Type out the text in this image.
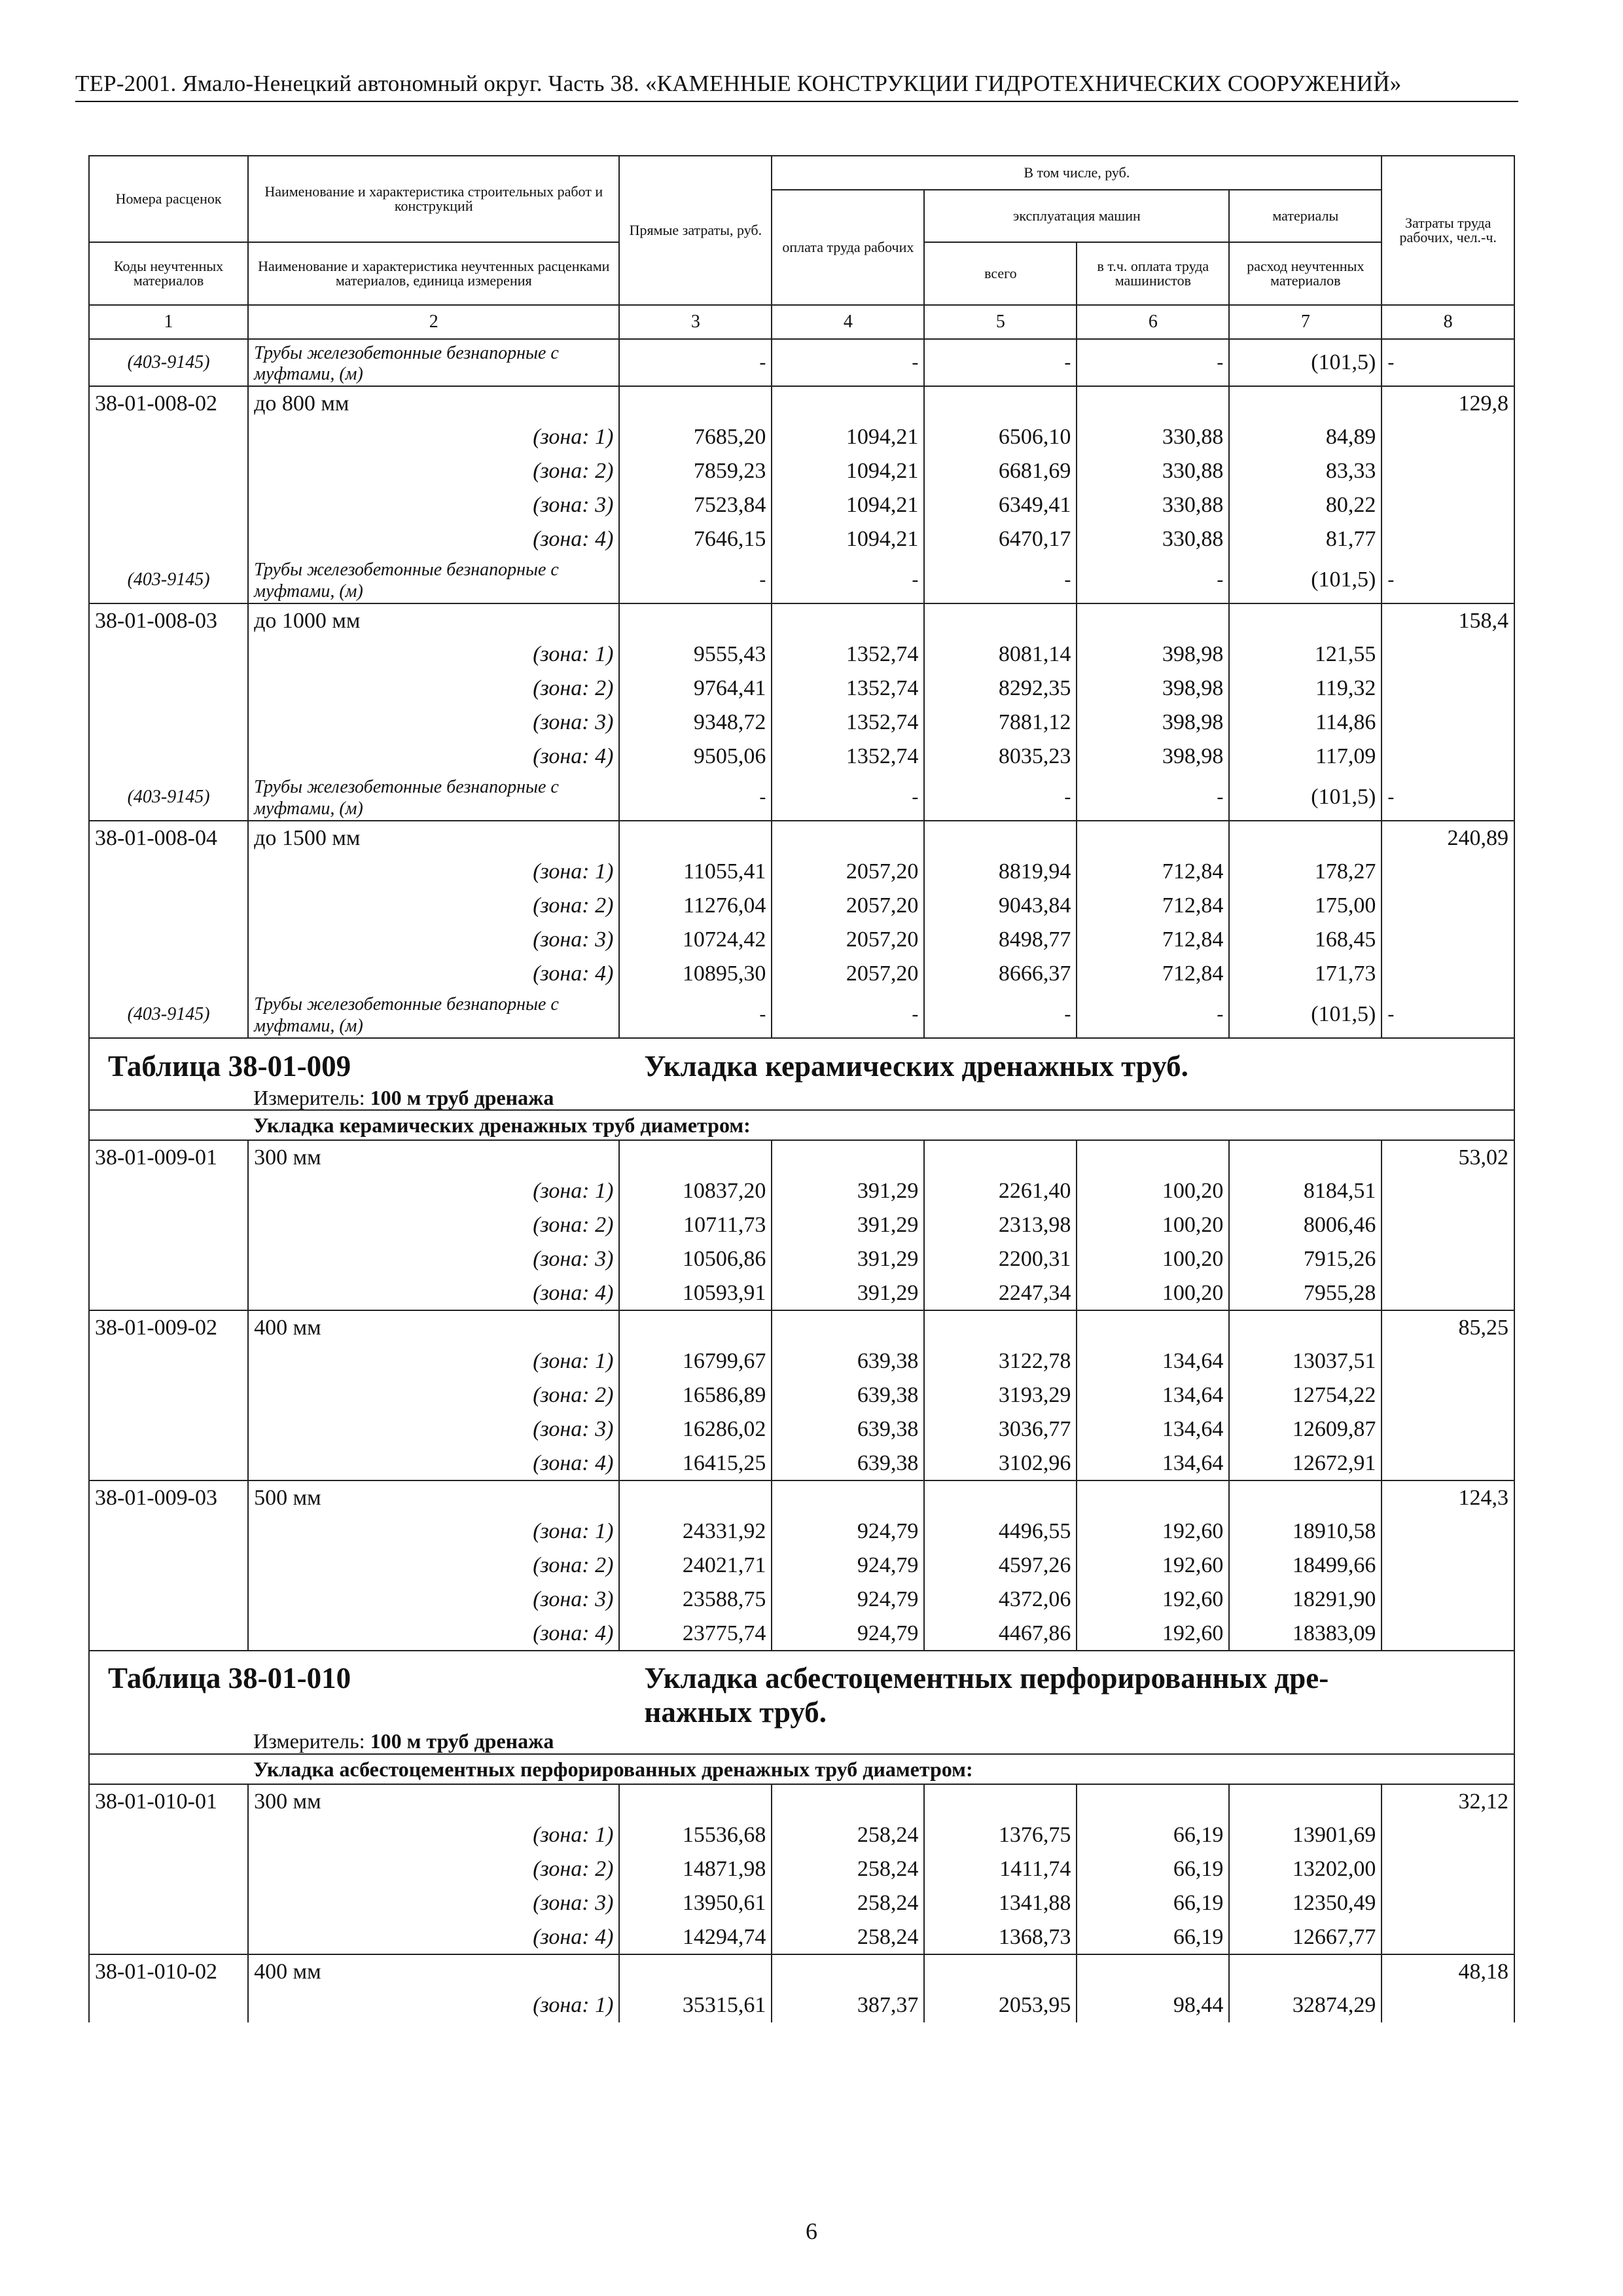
ТЕР-2001. Ямало-Ненецкий автономный округ. Часть 38. «КАМЕННЫЕ КОНСТРУКЦИИ ГИДРОТЕХНИЧЕСКИХ СООРУЖЕНИЙ»
Номера расценок	Наименование и характеристика строительных работ и конструкций	Прямые затраты, руб.	В том числе, руб.				Затраты труда рабочих, чел.-ч.
			оплата труда рабочих	эксплуатация машин		материалы	
Коды неучтенных материалов	Наименование и характеристика неучтенных расценками материалов, единица измерения			всего	в т.ч. оплата труда машинистов	расход неучтенных материалов	
1	2	3	4	5	6	7	8
(403-9145)	Трубы железобетонные безнапорные с муфтами, (м)	-	-	-	-	(101,5)	-
38-01-008-02	до 800 мм						129,8
	(зона: 1)	7685,20	1094,21	6506,10	330,88	84,89	
	(зона: 2)	7859,23	1094,21	6681,69	330,88	83,33	
	(зона: 3)	7523,84	1094,21	6349,41	330,88	80,22	
	(зона: 4)	7646,15	1094,21	6470,17	330,88	81,77	
(403-9145)	Трубы железобетонные безнапорные с муфтами, (м)	-	-	-	-	(101,5)	-
38-01-008-03	до 1000 мм						158,4
	(зона: 1)	9555,43	1352,74	8081,14	398,98	121,55	
	(зона: 2)	9764,41	1352,74	8292,35	398,98	119,32	
	(зона: 3)	9348,72	1352,74	7881,12	398,98	114,86	
	(зона: 4)	9505,06	1352,74	8035,23	398,98	117,09	
(403-9145)	Трубы железобетонные безнапорные с муфтами, (м)	-	-	-	-	(101,5)	-
38-01-008-04	до 1500 мм						240,89
	(зона: 1)	11055,41	2057,20	8819,94	712,84	178,27	
	(зона: 2)	11276,04	2057,20	9043,84	712,84	175,00	
	(зона: 3)	10724,42	2057,20	8498,77	712,84	168,45	
	(зона: 4)	10895,30	2057,20	8666,37	712,84	171,73	
(403-9145)	Трубы железобетонные безнапорные с муфтами, (м)	-	-	-	-	(101,5)	-

Таблица 38-01-009		Укладка керамических дренажных труб.					
	Измеритель: 100 м труб дренажа						
	Укладка керамических дренажных труб диаметром:						
38-01-009-01	300 мм						53,02
	(зона: 1)	10837,20	391,29	2261,40	100,20	8184,51	
	(зона: 2)	10711,73	391,29	2313,98	100,20	8006,46	
	(зона: 3)	10506,86	391,29	2200,31	100,20	7915,26	
	(зона: 4)	10593,91	391,29	2247,34	100,20	7955,28	
38-01-009-02	400 мм						85,25
	(зона: 1)	16799,67	639,38	3122,78	134,64	13037,51	
	(зона: 2)	16586,89	639,38	3193,29	134,64	12754,22	
	(зона: 3)	16286,02	639,38	3036,77	134,64	12609,87	
	(зона: 4)	16415,25	639,38	3102,96	134,64	12672,91	
38-01-009-03	500 мм						124,3
	(зона: 1)	24331,92	924,79	4496,55	192,60	18910,58	
	(зона: 2)	24021,71	924,79	4597,26	192,60	18499,66	
	(зона: 3)	23588,75	924,79	4372,06	192,60	18291,90	
	(зона: 4)	23775,74	924,79	4467,86	192,60	18383,09	

Таблица 38-01-010		Укладка асбестоцементных перфорированных дре-					
		нажных труб.					
	Измеритель: 100 м труб дренажа						
	Укладка асбестоцементных перфорированных дренажных труб диаметром:						
38-01-010-01	300 мм						32,12
	(зона: 1)	15536,68	258,24	1376,75	66,19	13901,69	
	(зона: 2)	14871,98	258,24	1411,74	66,19	13202,00	
	(зона: 3)	13950,61	258,24	1341,88	66,19	12350,49	
	(зона: 4)	14294,74	258,24	1368,73	66,19	12667,77	
38-01-010-02	400 мм						48,18
	(зона: 1)	35315,61	387,37	2053,95	98,44	32874,29	
6
